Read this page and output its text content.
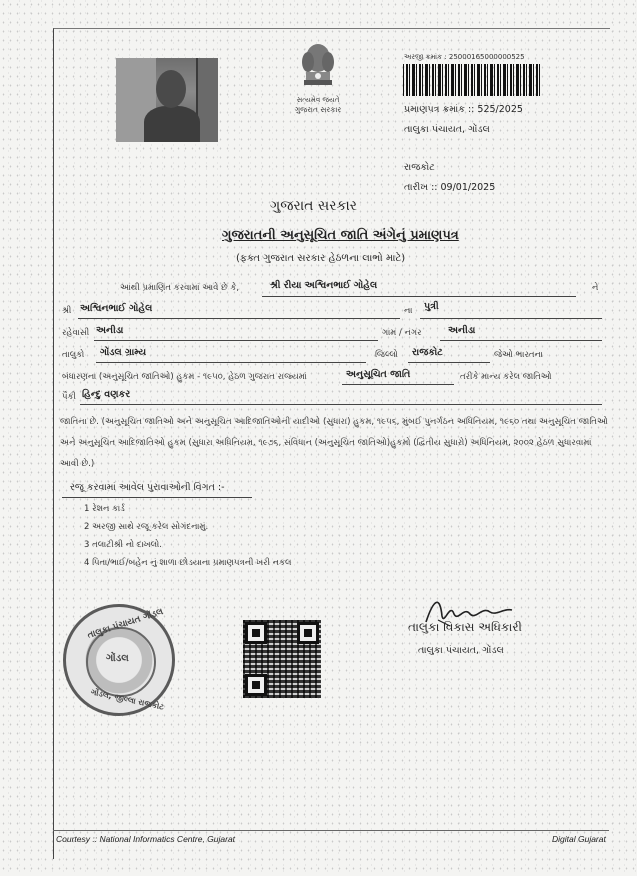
સત્યમેવ જયતે
ગુજરાત સરકાર
અરજી ક્રમાંક : 25000165000000525
પ્રમાણપત્ર ક્રમાંક :: 525/2025
તાલુકા પંચાયત, ગોંડલ
રાજકોટ
તારીખ :: 09/01/2025
ગુજરાત સરકાર
ગુજરાતની અનુસૂચિત જાતિ અંગેનું પ્રમાણપત્ર
(ફક્ત ગુજરાત સરકાર હેઠળના લાભો માટે)
આથી પ્રમાણિત કરવામાં આવે છે કે,	શ્રી રીયા અશ્વિનભાઈ ગોહેલ	ને
શ્રી અશ્વિનભાઈ ગોહેલ	ના પુત્રી
રહેવાસી અનીડા	ગામ / નગર	અનીડા
તાલુકો ગોંડલ ગ્રામ્ય	જિલ્લો રાજકોટ	જેઓ ભારતના
બંધારણના (અનુસૂચિત જાતિઓ) હુકમ - ૧૯૫૦, હેઠળ ગુજરાત રાજ્યમાં	અનુસૂચિત જાતિ	તરીકે માન્ય કરેલ જાતિઓ
પૈકી હિન્દુ વણકર
જાતિના છે. (અનુસૂચિત જાતિઓ અને અનુસૂચિત આદિજાતિઓની યાદીઓ (સુધારા) હુકમ, ૧૯૫૬, મુંબઈ પુનર્ગઠન અધિનિયમ, ૧૯૬૦ તથા અનુસૂચિત જાતિઓ અને અનુસૂચિત આદિજાતિઓ હુકમ (સુધારા અધિનિયમ, ૧૯૭૬, સંવિધાન (અનુસૂચિત જાતિઓ)હુકમો (દ્વિતીય સુધારો) અધિનિયમ, ૨૦૦૨ હેઠળ સુધારવામાં આવી છે.)
રજૂ કરવામાં આવેલ પુરાવાઓની વિગત :-
1 રેશન કાર્ડ
2 અરજી સાથે રજૂ કરેલ સોગંદનામું.
3 તલાટીશ્રી નો દાખલો.
4 પિતા/ભાઈ/બહેન નું શાળા છોડયાના પ્રમાણપત્રની ખરી નકલ
તાલુકા પંચાયત ગોંડલ
ગોંડલ
ગોંડલ, જીલ્લા રાજકોટ
તાલુકા વિકાસ અધિકારી
તાલુકા પંચાયત, ગોંડલ
Courtesy :: National Informatics Centre, Gujarat	Digital Gujarat
